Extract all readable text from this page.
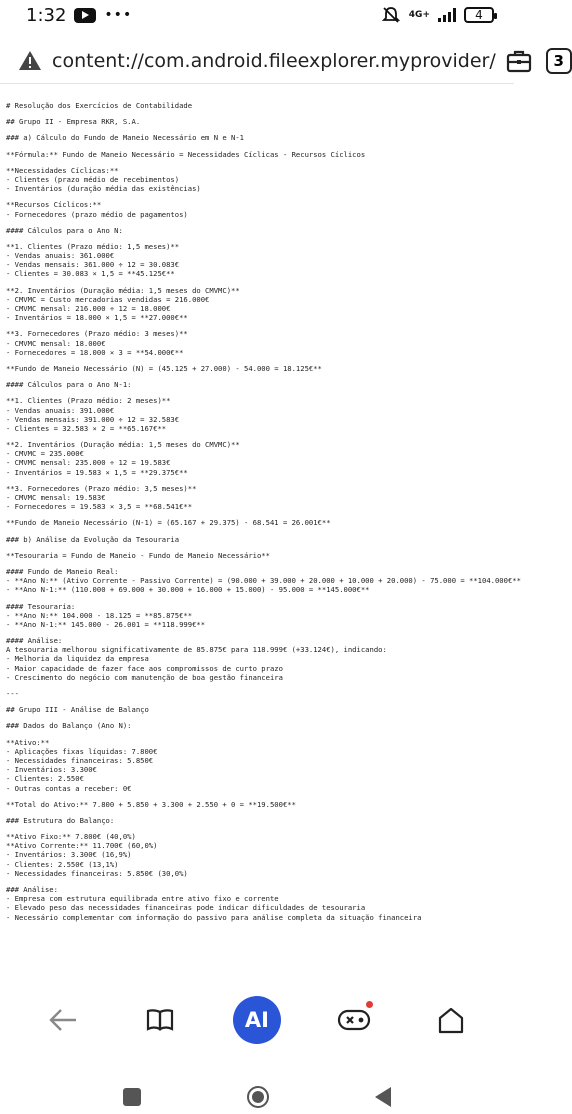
1:32	•••	4G+	4
content://com.android.fileexplorer.myprovider/	3
# Resolução dos Exercícios de Contabilidade
## Grupo II - Empresa RKR, S.A.
### a) Cálculo do Fundo de Maneio Necessário em N e N-1
**Fórmula:** Fundo de Maneio Necessário = Necessidades Cíclicas - Recursos Cíclicos
**Necessidades Cíclicas:**
- Clientes (prazo médio de recebimentos)
- Inventários (duração média das existências)
**Recursos Cíclicos:**
- Fornecedores (prazo médio de pagamentos)
#### Cálculos para o Ano N:
**1. Clientes (Prazo médio: 1,5 meses)**
- Vendas anuais: 361.000€
- Vendas mensais: 361.000 ÷ 12 = 30.083€
- Clientes = 30.083 × 1,5 = **45.125€**
**2. Inventários (Duração média: 1,5 meses do CMVMC)**
- CMVMC = Custo mercadorias vendidas = 216.000€
- CMVMC mensal: 216.000 ÷ 12 = 18.000€
- Inventários = 18.000 × 1,5 = **27.000€**
**3. Fornecedores (Prazo médio: 3 meses)**
- CMVMC mensal: 18.000€
- Fornecedores = 18.000 × 3 = **54.000€**
**Fundo de Maneio Necessário (N) = (45.125 + 27.000) - 54.000 = 18.125€**
#### Cálculos para o Ano N-1:
**1. Clientes (Prazo médio: 2 meses)**
- Vendas anuais: 391.000€
- Vendas mensais: 391.000 ÷ 12 = 32.583€
- Clientes = 32.583 × 2 = **65.167€**
**2. Inventários (Duração média: 1,5 meses do CMVMC)**
- CMVMC = 235.000€
- CMVMC mensal: 235.000 ÷ 12 = 19.583€
- Inventários = 19.583 × 1,5 = **29.375€**
**3. Fornecedores (Prazo médio: 3,5 meses)**
- CMVMC mensal: 19.583€
- Fornecedores = 19.583 × 3,5 = **68.541€**
**Fundo de Maneio Necessário (N-1) = (65.167 + 29.375) - 68.541 = 26.001€**
### b) Análise da Evolução da Tesouraria
**Tesouraria = Fundo de Maneio - Fundo de Maneio Necessário**
#### Fundo de Maneio Real:
- **Ano N:** (Ativo Corrente - Passivo Corrente) = (90.000 + 39.000 + 20.000 + 10.000 + 20.000) - 75.000 = **104.000€**
- **Ano N-1:** (110.000 + 69.000 + 30.000 + 16.000 + 15.000) - 95.000 = **145.000€**
#### Tesouraria:
- **Ano N:** 104.000 - 18.125 = **85.875€**
- **Ano N-1:** 145.000 - 26.001 = **118.999€**
#### Análise:
A tesouraria melhorou significativamente de 85.875€ para 118.999€ (+33.124€), indicando:
- Melhoria da liquidez da empresa
- Maior capacidade de fazer face aos compromissos de curto prazo
- Crescimento do negócio com manutenção de boa gestão financeira
---
## Grupo III - Análise de Balanço
### Dados do Balanço (Ano N):
**Ativo:**
- Aplicações fixas líquidas: 7.800€
- Necessidades financeiras: 5.850€
- Inventários: 3.300€
- Clientes: 2.550€
- Outras contas a receber: 0€
**Total do Ativo:** 7.800 + 5.850 + 3.300 + 2.550 + 0 = **19.500€**
### Estrutura do Balanço:
**Ativo Fixo:** 7.800€ (40,0%)
**Ativo Corrente:** 11.700€ (60,0%)
- Inventários: 3.300€ (16,9%)
- Clientes: 2.550€ (13,1%)
- Necessidades financeiras: 5.850€ (30,0%)
### Análise:
- Empresa com estrutura equilibrada entre ativo fixo e corrente
- Elevado peso das necessidades financeiras pode indicar dificuldades de tesouraria
- Necessário complementar com informação do passivo para análise completa da situação financeira
AI
